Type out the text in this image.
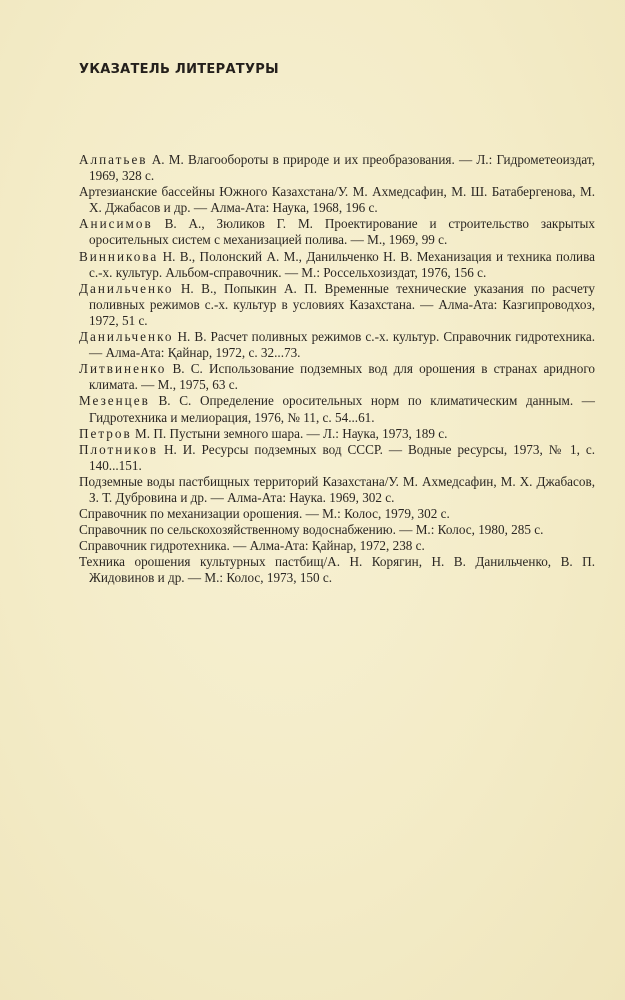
УКАЗАТЕЛЬ ЛИТЕРАТУРЫ

Алпатьев А. М. Влагообороты в природе и их преобразования. — Л.: Гидрометеоиздат, 1969, 328 с.

Артезианские бассейны Южного Казахстана/У. М. Ахмедсафин, М. Ш. Батабергенова, М. Х. Джабасов и др. — Алма-Ата: Наука, 1968, 196 с.

Анисимов В. А., Зюликов Г. М. Проектирование и строительство закрытых оросительных систем с механизацией полива. — М., 1969, 99 с.

Винникова Н. В., Полонский А. М., Данильченко Н. В. Механизация и техника полива с.-х. культур. Альбом-справочник. — М.: Россельхозиздат, 1976, 156 с.

Данильченко Н. В., Попыкин А. П. Временные технические указания по расчету поливных режимов с.-х. культур в условиях Казахстана. — Алма-Ата: Казгипроводхоз, 1972, 51 с.

Данильченко Н. В. Расчет поливных режимов с.-х. культур. Справочник гидротехника. — Алма-Ата: Қайнар, 1972, с. 32...73.

Литвиненко В. С. Использование подземных вод для орошения в странах аридного климата. — М., 1975, 63 с.

Мезенцев В. С. Определение оросительных норм по климатическим данным. — Гидротехника и мелиорация, 1976, № 11, с. 54...61.

Петров М. П. Пустыни земного шара. — Л.: Наука, 1973, 189 с.

Плотников Н. И. Ресурсы подземных вод СССР. — Водные ресурсы, 1973, № 1, с. 140...151.

Подземные воды пастбищных территорий Казахстана/У. М. Ахмедсафин, М. Х. Джабасов, З. Т. Дубровина и др. — Алма-Ата: Наука. 1969, 302 с.

Справочник по механизации орошения. — М.: Колос, 1979, 302 с.

Справочник по сельскохозяйственному водоснабжению. — М.: Колос, 1980, 285 с.

Справочник гидротехника. — Алма-Ата: Қайнар, 1972, 238 с.

Техника орошения культурных пастбищ/А. Н. Корягин, Н. В. Данильченко, В. П. Жидовинов и др. — М.: Колос, 1973, 150 с.
